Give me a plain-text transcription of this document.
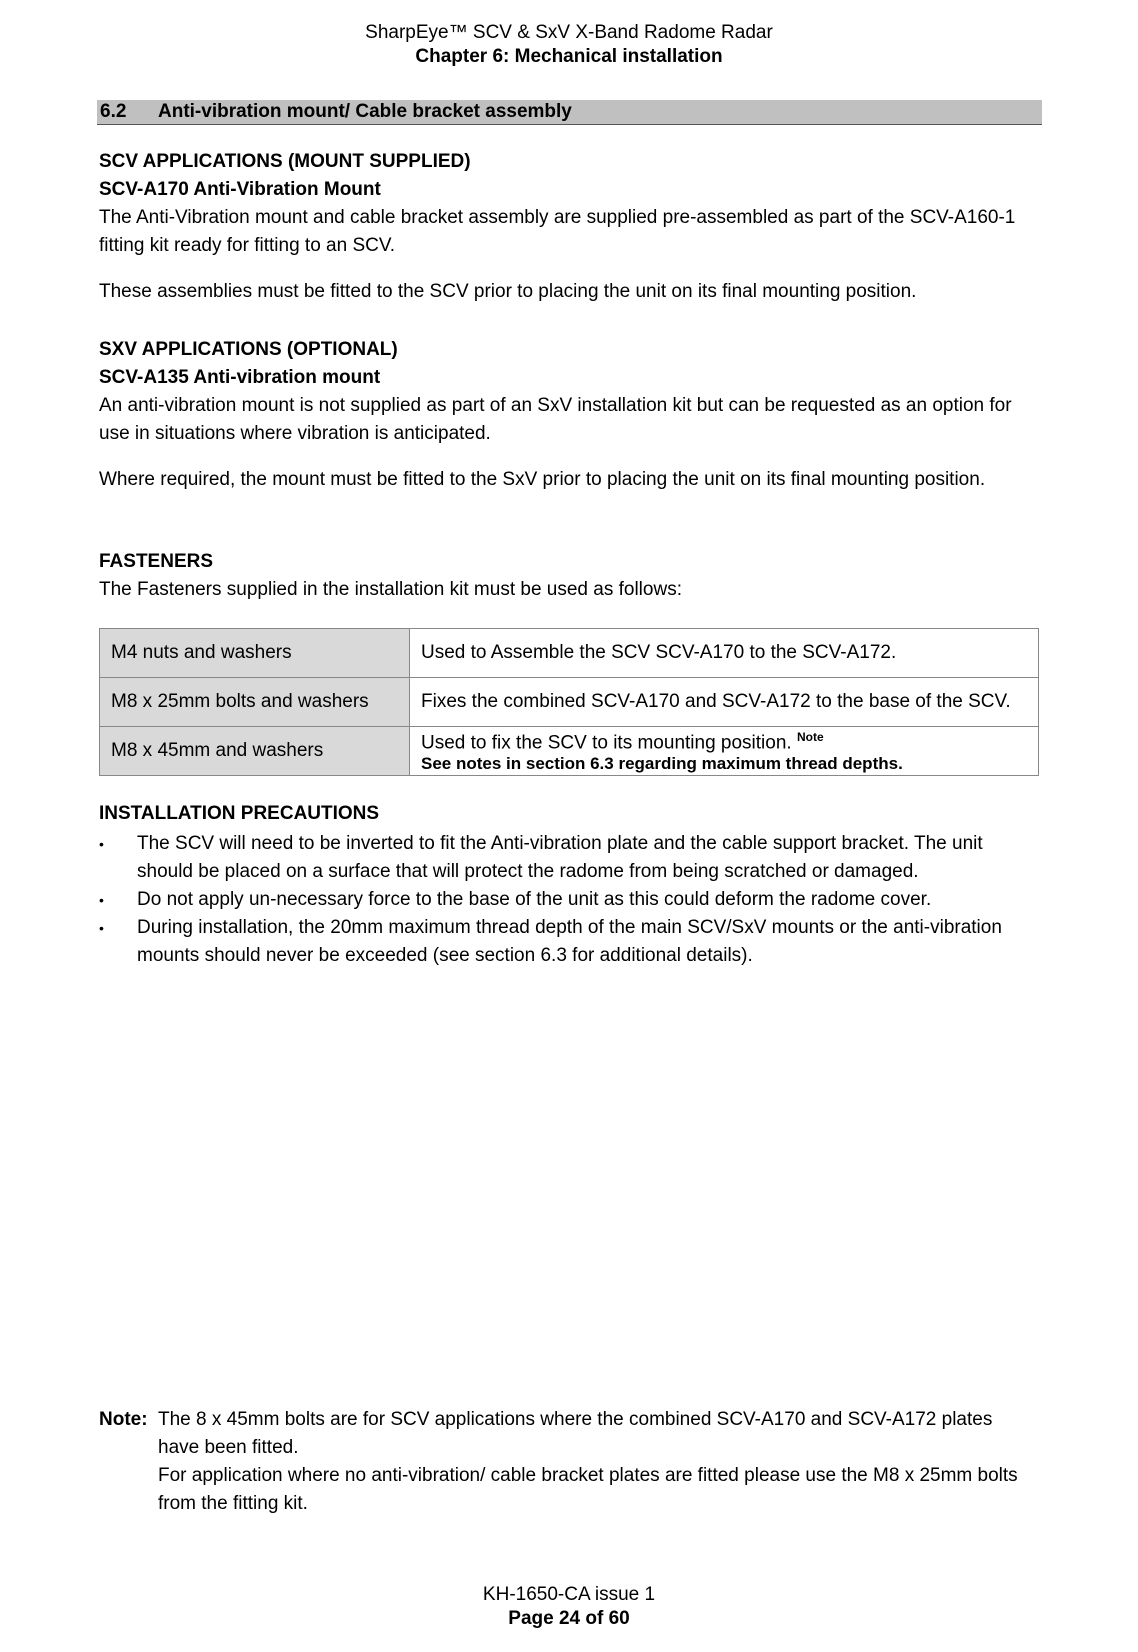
SharpEye™ SCV & SxV X-Band Radome Radar
Chapter 6: Mechanical installation
6.2 Anti-vibration mount/ Cable bracket assembly
SCV APPLICATIONS (MOUNT SUPPLIED)
SCV-A170 Anti-Vibration Mount
The Anti-Vibration mount and cable bracket assembly are supplied pre-assembled as part of the SCV-A160-1 fitting kit ready for fitting to an SCV.
These assemblies must be fitted to the SCV prior to placing the unit on its final mounting position.
SXV APPLICATIONS (OPTIONAL)
SCV-A135 Anti-vibration mount
An anti-vibration mount is not supplied as part of an SxV installation kit but can be requested as an option for use in situations where vibration is anticipated.
Where required, the mount must be fitted to the SxV prior to placing the unit on its final mounting position.
FASTENERS
The Fasteners supplied in the installation kit must be used as follows:
M4 nuts and washers	Used to Assemble the SCV SCV-A170 to the SCV-A172.
M8 x 25mm bolts and washers	Fixes the combined SCV-A170 and SCV-A172 to the base of the SCV.
M8 x 45mm and washers	Used to fix the SCV to its mounting position. $^{Note}$
See notes in section 6.3 regarding maximum thread depths.
INSTALLATION PRECAUTIONS
• The SCV will need to be inverted to fit the Anti-vibration plate and the cable support bracket. The unit should be placed on a surface that will protect the radome from being scratched or damaged.
• Do not apply un-necessary force to the base of the unit as this could deform the radome cover.
• During installation, the 20mm maximum thread depth of the main SCV/SxV mounts or the anti-vibration mounts should never be exceeded (see section 6.3 for additional details).
Note: The 8 x 45mm bolts are for SCV applications where the combined SCV-A170 and SCV-A172 plates have been fitted.
For application where no anti-vibration/ cable bracket plates are fitted please use the M8 x 25mm bolts from the fitting kit.
KH-1650-CA issue 1
Page 24 of 60
